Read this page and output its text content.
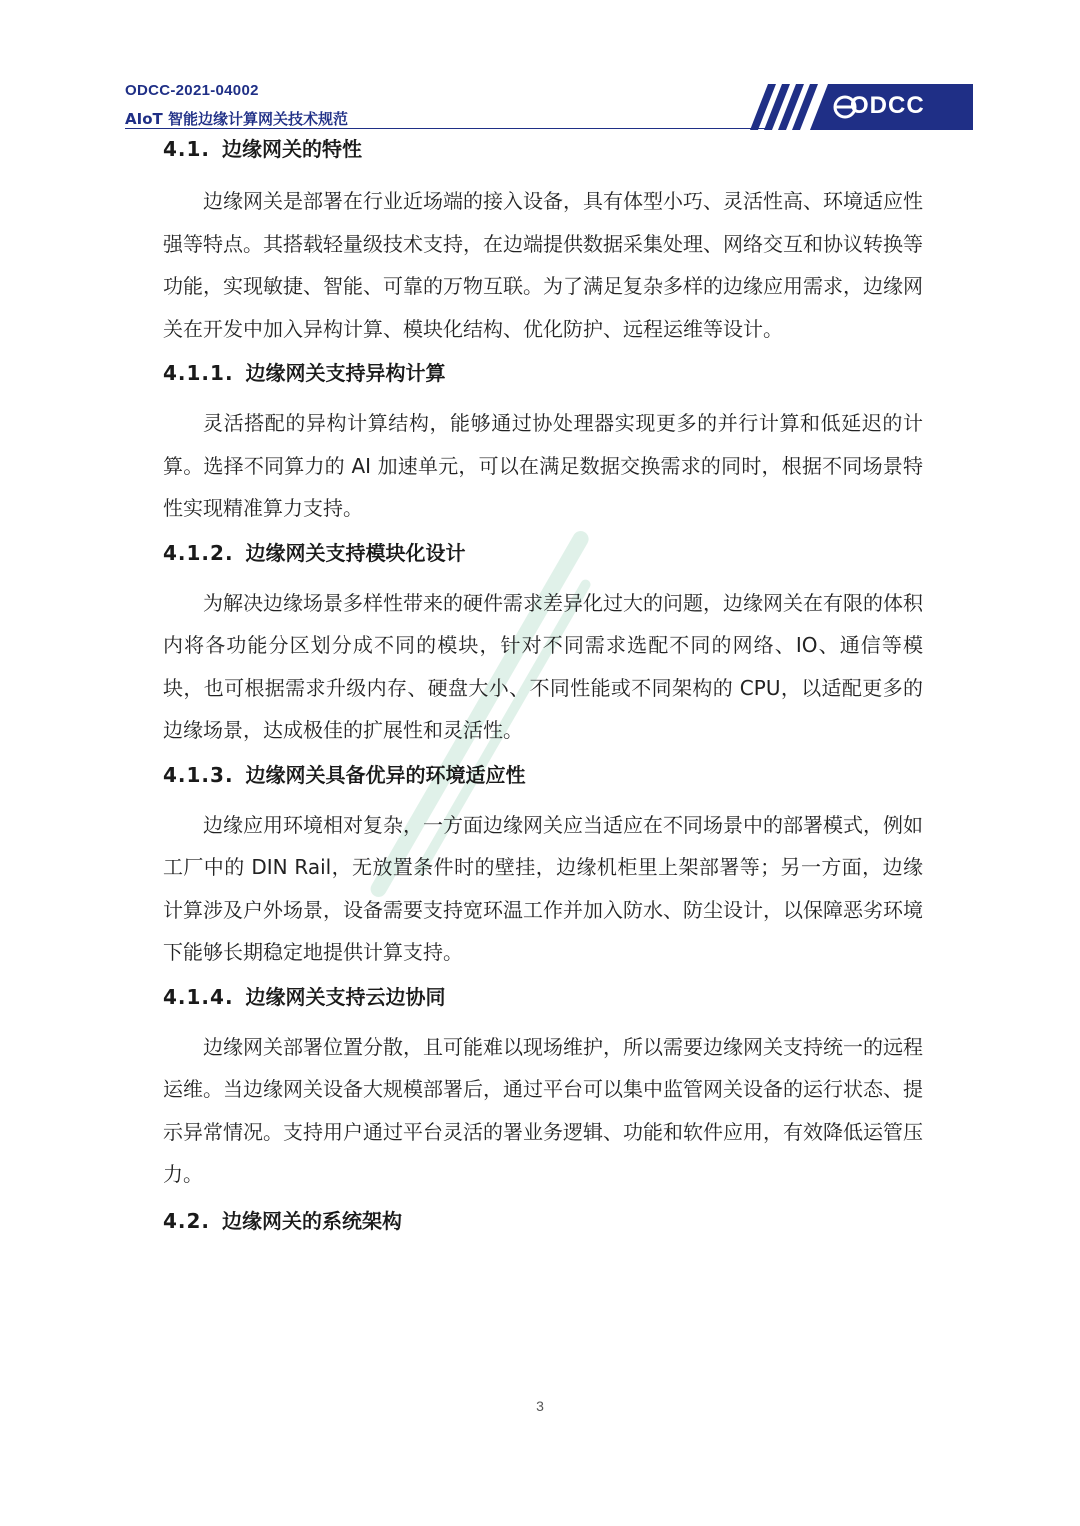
ODCC-2021-04002
AIoT 智能边缘计算网关技术规范	ODCC
4.1. 边缘网关的特性

边缘网关是部署在行业近场端的接入设备，具有体型小巧、灵活性高、环境适应性强等特点。其搭载轻量级技术支持，在边端提供数据采集处理、网络交互和协议转换等功能，实现敏捷、智能、可靠的万物互联。为了满足复杂多样的边缘应用需求，边缘网关在开发中加入异构计算、模块化结构、优化防护、远程运维等设计。

4.1.1. 边缘网关支持异构计算

灵活搭配的异构计算结构，能够通过协处理器实现更多的并行计算和低延迟的计算。选择不同算力的 AI 加速单元，可以在满足数据交换需求的同时，根据不同场景特性实现精准算力支持。

4.1.2. 边缘网关支持模块化设计

为解决边缘场景多样性带来的硬件需求差异化过大的问题，边缘网关在有限的体积内将各功能分区划分成不同的模块，针对不同需求选配不同的网络、IO、通信等模块，也可根据需求升级内存、硬盘大小、不同性能或不同架构的 CPU，以适配更多的边缘场景，达成极佳的扩展性和灵活性。

4.1.3. 边缘网关具备优异的环境适应性

边缘应用环境相对复杂，一方面边缘网关应当适应在不同场景中的部署模式，例如工厂中的 DIN Rail，无放置条件时的壁挂，边缘机柜里上架部署等；另一方面，边缘计算涉及户外场景，设备需要支持宽环温工作并加入防水、防尘设计，以保障恶劣环境下能够长期稳定地提供计算支持。

4.1.4. 边缘网关支持云边协同

边缘网关部署位置分散，且可能难以现场维护，所以需要边缘网关支持统一的远程运维。当边缘网关设备大规模部署后，通过平台可以集中监管网关设备的运行状态、提示异常情况。支持用户通过平台灵活的署业务逻辑、功能和软件应用，有效降低运管压力。

4.2. 边缘网关的系统架构
3
